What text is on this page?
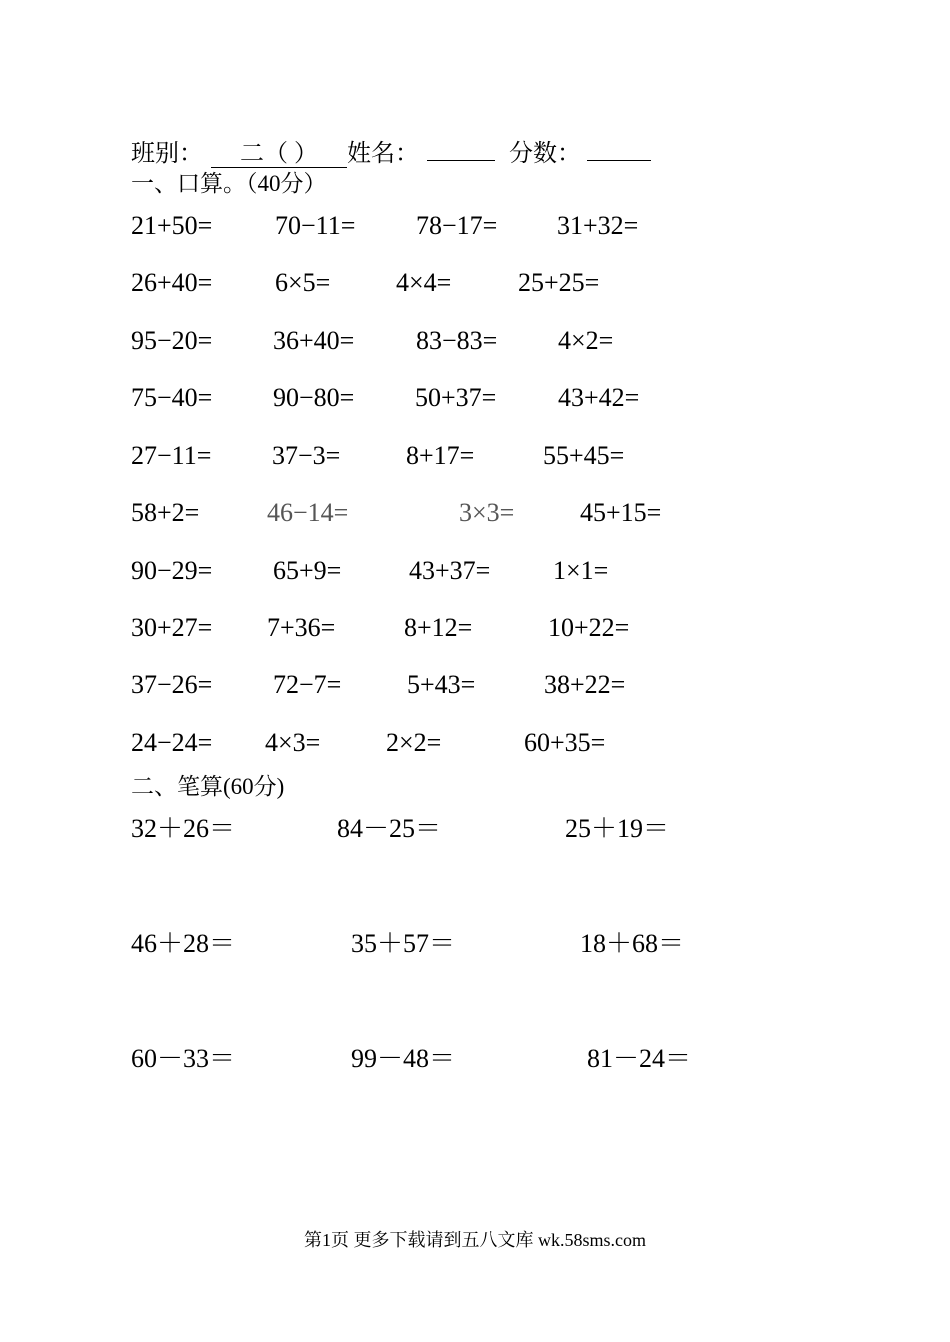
班别： 二（ ） 姓名：	分数：
一、口算。（40分）
21+50= 70−11= 78−17= 31+32=
26+40= 6×5=	4×4=	25+25=
95−20= 36+40= 83−83= 4×2=
75−40= 90−80= 50+37= 43+42=
27−11= 37−3=	8+17=	55+45=
58+2=	46−14=	3×3=	45+15=
90−29= 65+9=	43+37= 1×1=
30+27= 7+36=	8+12=	10+22=
37−26= 72−7=	5+43=	38+22=
24−24= 4×3=	2×2=	60+35=
二、笔算(60分)
32＋26＝	84－25＝	25＋19＝
46＋28＝	35＋57＝	18＋68＝
60－33＝	99－48＝	81－24＝
第1页 更多下载请到五八文库 wk.58sms.com
